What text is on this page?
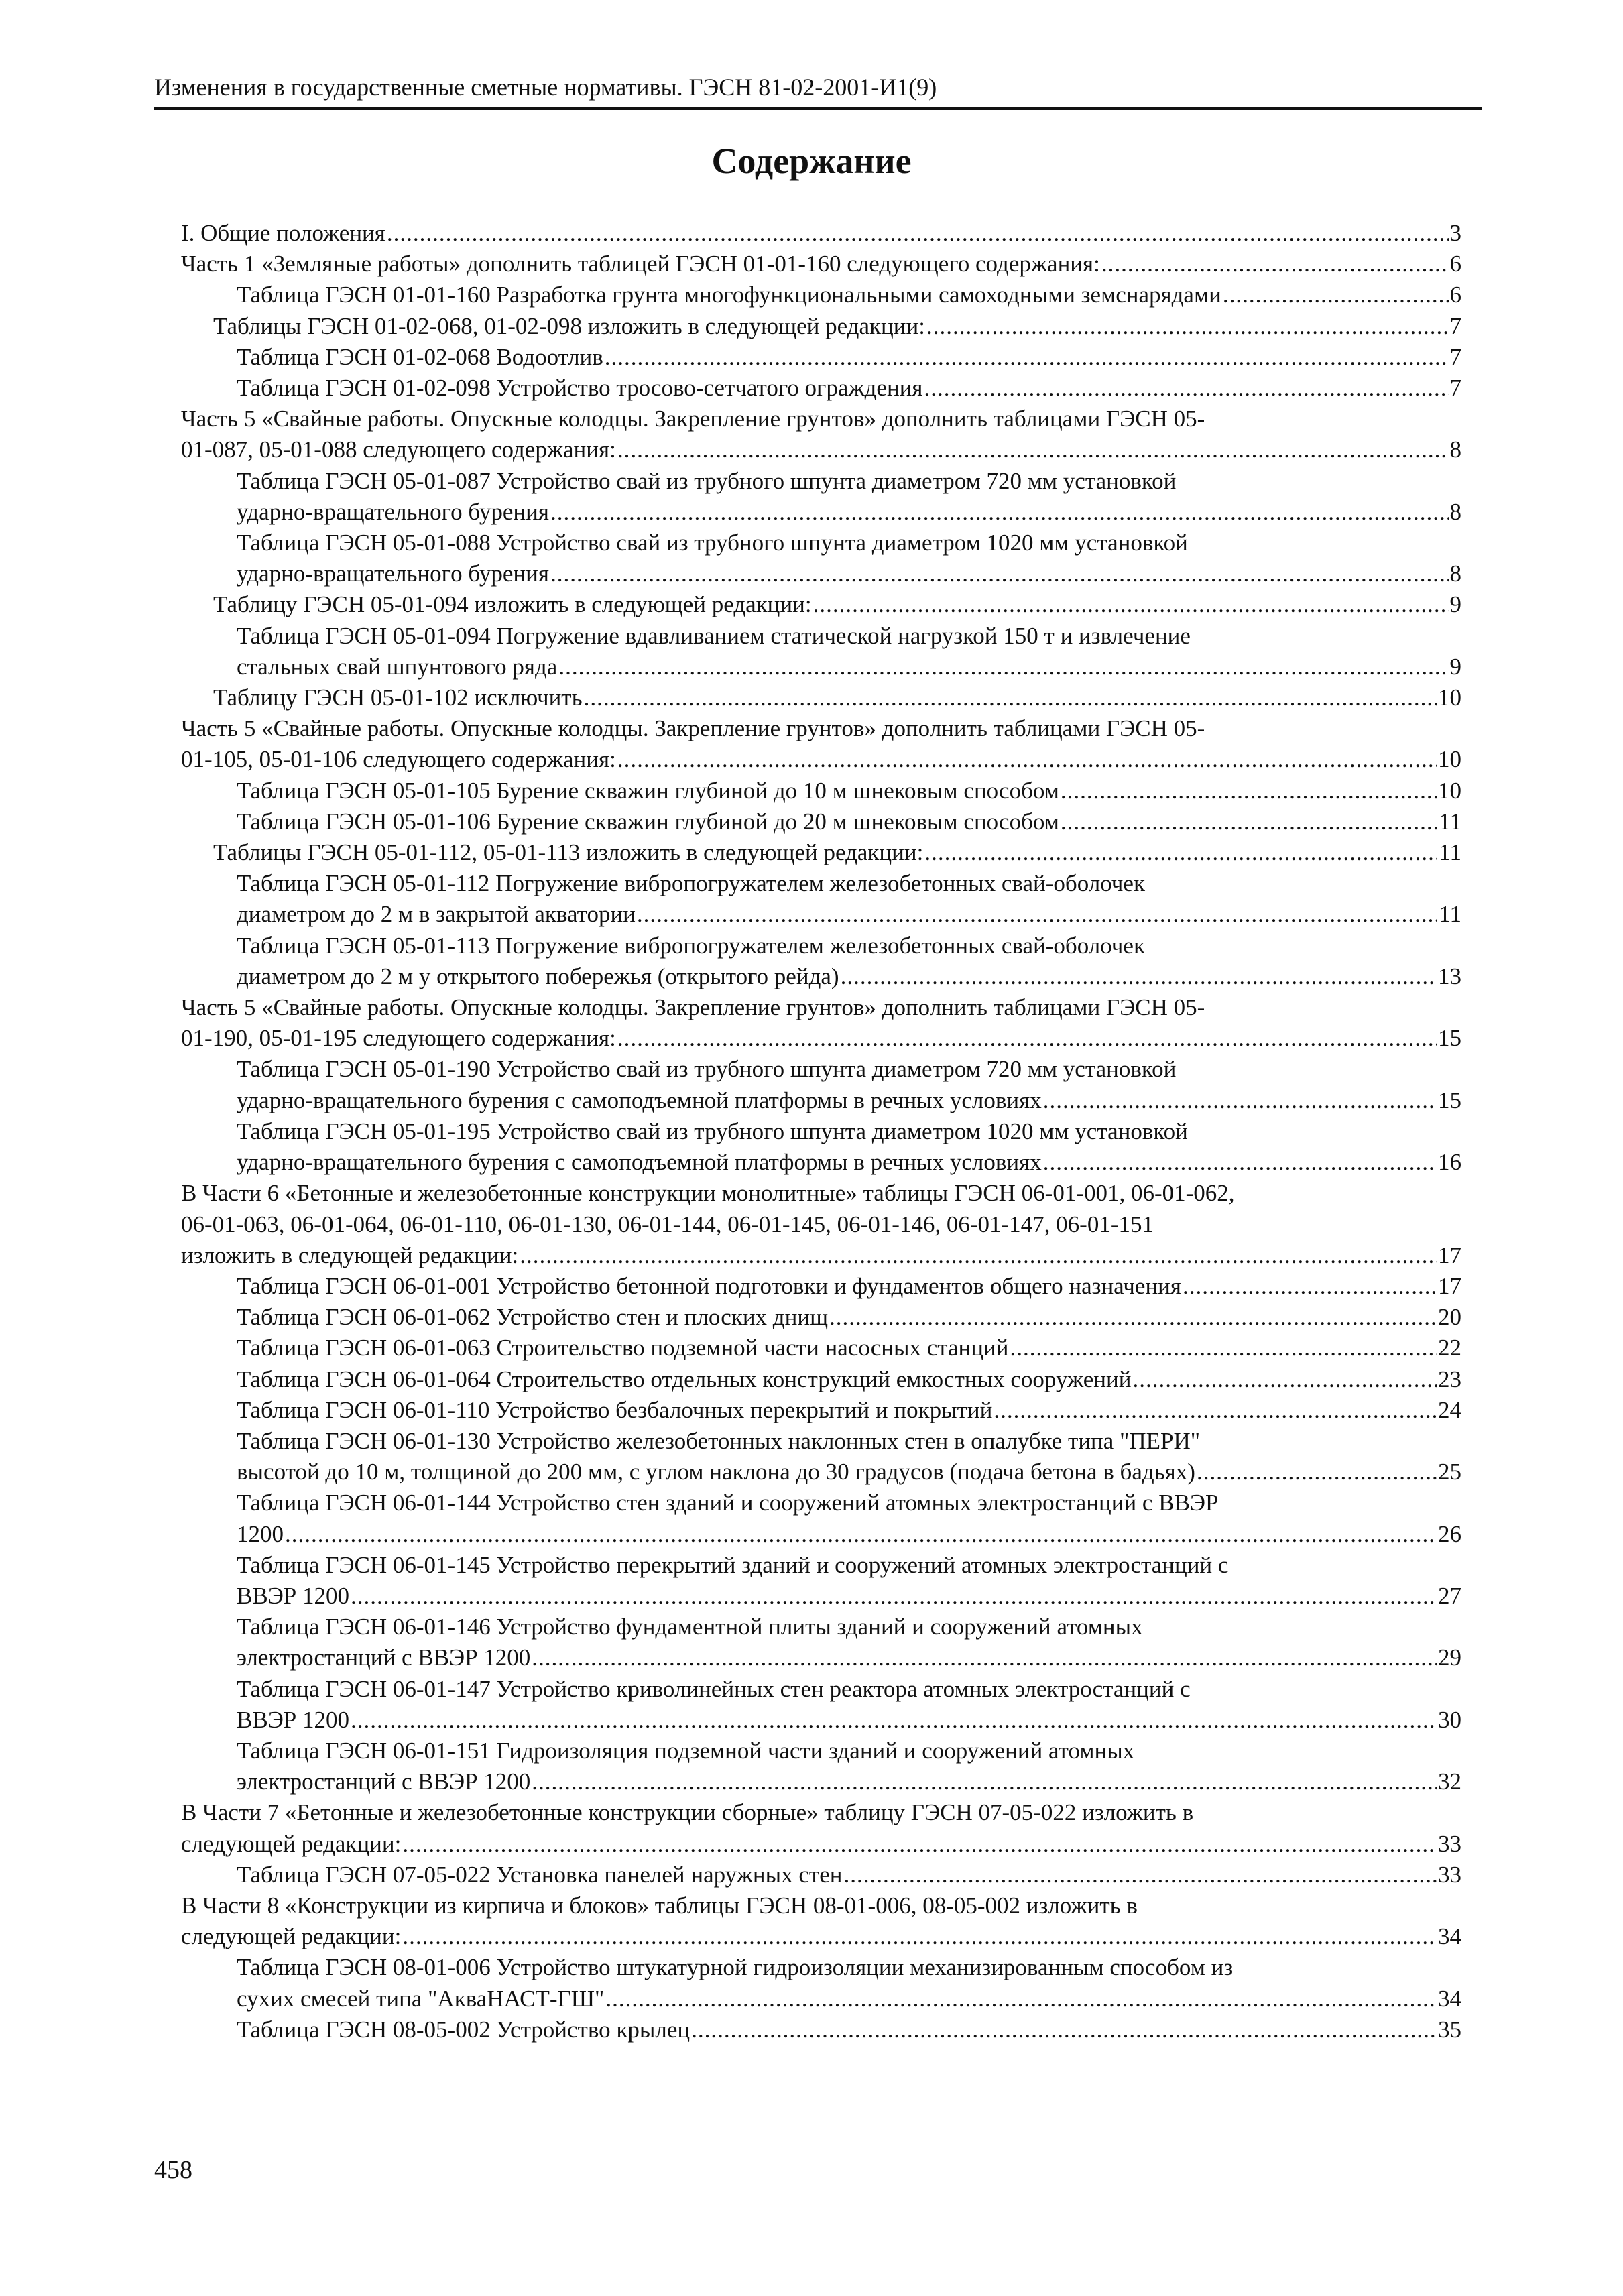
Изменения в государственные сметные нормативы. ГЭСН 81-02-2001-И1(9)
Содержание
I. Общие положения .....	3
Часть 1 «Земляные работы» дополнить таблицей ГЭСН 01-01-160 следующего содержания: .....	6
Таблица ГЭСН 01-01-160 Разработка грунта многофункциональными самоходными земснарядами .....	6
Таблицы ГЭСН 01-02-068, 01-02-098 изложить в следующей редакции: .....	7
Таблица ГЭСН 01-02-068 Водоотлив .....	7
Таблица ГЭСН 01-02-098 Устройство тросово-сетчатого ограждения .....	7
Часть 5 «Свайные работы. Опускные колодцы. Закрепление грунтов» дополнить таблицами ГЭСН 05-
01-087, 05-01-088 следующего содержания: .....	8
Таблица ГЭСН 05-01-087 Устройство свай из трубного шпунта диаметром 720 мм установкой
ударно-вращательного бурения .....	8
Таблица ГЭСН 05-01-088 Устройство свай из трубного шпунта диаметром 1020 мм установкой
ударно-вращательного бурения .....	8
Таблицу ГЭСН 05-01-094 изложить в следующей редакции: .....	9
Таблица ГЭСН 05-01-094 Погружение вдавливанием статической нагрузкой 150 т и извлечение
стальных свай шпунтового ряда .....	9
Таблицу ГЭСН 05-01-102 исключить .....	10
Часть 5 «Свайные работы. Опускные колодцы. Закрепление грунтов» дополнить таблицами ГЭСН 05-
01-105, 05-01-106 следующего содержания: .....	10
Таблица ГЭСН 05-01-105 Бурение скважин глубиной до 10 м шнековым способом .....	10
Таблица ГЭСН 05-01-106 Бурение скважин глубиной до 20 м шнековым способом .....	11
Таблицы ГЭСН 05-01-112, 05-01-113 изложить в следующей редакции: .....	11
Таблица ГЭСН 05-01-112 Погружение вибропогружателем железобетонных свай-оболочек
диаметром до 2 м в закрытой акватории .....	11
Таблица ГЭСН 05-01-113 Погружение вибропогружателем железобетонных свай-оболочек
диаметром до 2 м у открытого побережья (открытого рейда) .....	13
Часть 5 «Свайные работы. Опускные колодцы. Закрепление грунтов» дополнить таблицами ГЭСН 05-
01-190, 05-01-195 следующего содержания: .....	15
Таблица ГЭСН 05-01-190 Устройство свай из трубного шпунта диаметром 720 мм установкой
ударно-вращательного бурения с самоподъемной платформы в речных условиях .....	15
Таблица ГЭСН 05-01-195 Устройство свай из трубного шпунта диаметром 1020 мм установкой
ударно-вращательного бурения с самоподъемной платформы в речных условиях .....	16
В Части 6 «Бетонные и железобетонные конструкции монолитные» таблицы ГЭСН 06-01-001, 06-01-062,
06-01-063, 06-01-064, 06-01-110, 06-01-130, 06-01-144, 06-01-145, 06-01-146, 06-01-147, 06-01-151
изложить в следующей редакции: .....	17
Таблица ГЭСН 06-01-001 Устройство бетонной подготовки и фундаментов общего назначения .....	17
Таблица ГЭСН 06-01-062 Устройство стен и плоских днищ .....	20
Таблица ГЭСН 06-01-063 Строительство подземной части насосных станций .....	22
Таблица ГЭСН 06-01-064 Строительство отдельных конструкций емкостных сооружений .....	23
Таблица ГЭСН 06-01-110 Устройство безбалочных перекрытий и покрытий .....	24
Таблица ГЭСН 06-01-130 Устройство железобетонных наклонных стен в опалубке типа "ПЕРИ"
высотой до 10 м, толщиной до 200 мм, с углом наклона до 30 градусов (подача бетона в бадьях) .....	25
Таблица ГЭСН 06-01-144 Устройство стен зданий и сооружений атомных электростанций с ВВЭР
1200 .....	26
Таблица ГЭСН 06-01-145 Устройство перекрытий зданий и сооружений атомных электростанций с
ВВЭР 1200 .....	27
Таблица ГЭСН 06-01-146 Устройство фундаментной плиты зданий и сооружений атомных
электростанций с ВВЭР 1200 .....	29
Таблица ГЭСН 06-01-147 Устройство криволинейных стен реактора атомных электростанций с
ВВЭР 1200 .....	30
Таблица ГЭСН 06-01-151 Гидроизоляция подземной части зданий и сооружений атомных
электростанций с ВВЭР 1200 .....	32
В Части 7 «Бетонные и железобетонные конструкции сборные» таблицу ГЭСН 07-05-022 изложить в
следующей редакции: .....	33
Таблица ГЭСН 07-05-022 Установка панелей наружных стен .....	33
В Части 8 «Конструкции из кирпича и блоков» таблицы ГЭСН 08-01-006, 08-05-002 изложить в
следующей редакции: .....	34
Таблица ГЭСН 08-01-006 Устройство штукатурной гидроизоляции механизированным способом из
сухих смесей типа "АкваНАСТ-ГШ" .....	34
Таблица ГЭСН 08-05-002 Устройство крылец .....	35
458
